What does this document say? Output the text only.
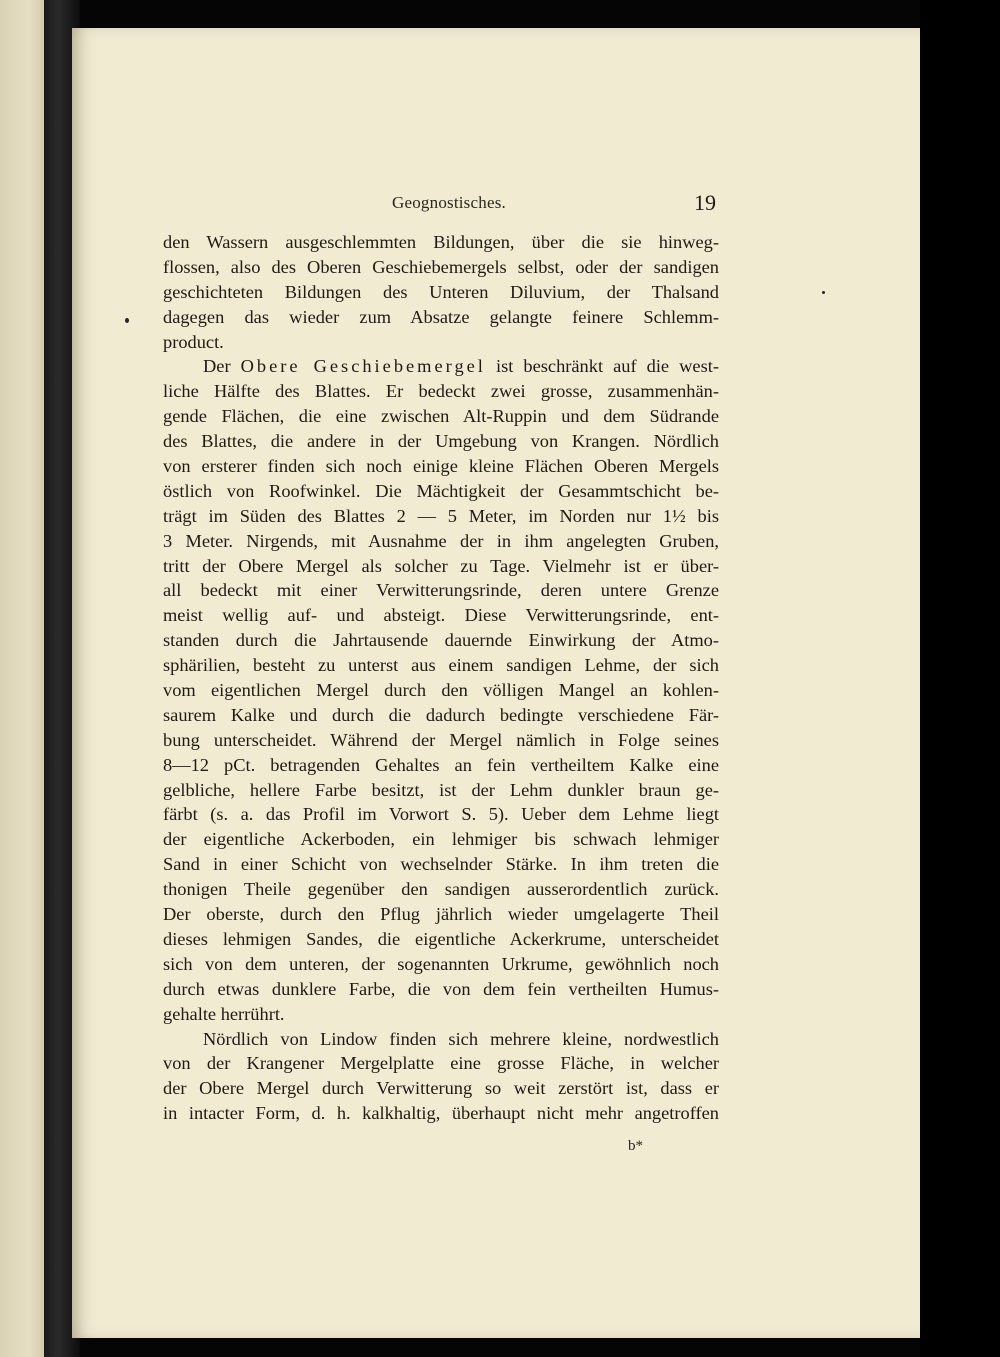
Geognostisches.	19
den Wassern ausgeschlemmten Bildungen, über die sie hinweg-
flossen, also des Oberen Geschiebemergels selbst, oder der sandigen
geschichteten Bildungen des Unteren Diluvium, der Thalsand
dagegen das wieder zum Absatze gelangte feinere Schlemm-
product.
Der Obere Geschiebemergel ist beschränkt auf die west-
liche Hälfte des Blattes. Er bedeckt zwei grosse, zusammenhän-
gende Flächen, die eine zwischen Alt-Ruppin und dem Südrande
des Blattes, die andere in der Umgebung von Krangen. Nördlich
von ersterer finden sich noch einige kleine Flächen Oberen Mergels
östlich von Roofwinkel. Die Mächtigkeit der Gesammtschicht be-
trägt im Süden des Blattes 2 — 5 Meter, im Norden nur 1½ bis
3 Meter. Nirgends, mit Ausnahme der in ihm angelegten Gruben,
tritt der Obere Mergel als solcher zu Tage. Vielmehr ist er über-
all bedeckt mit einer Verwitterungsrinde, deren untere Grenze
meist wellig auf- und absteigt. Diese Verwitterungsrinde, ent-
standen durch die Jahrtausende dauernde Einwirkung der Atmo-
sphärilien, besteht zu unterst aus einem sandigen Lehme, der sich
vom eigentlichen Mergel durch den völligen Mangel an kohlen-
saurem Kalke und durch die dadurch bedingte verschiedene Fär-
bung unterscheidet. Während der Mergel nämlich in Folge seines
8—12 pCt. betragenden Gehaltes an fein vertheiltem Kalke eine
gelbliche, hellere Farbe besitzt, ist der Lehm dunkler braun ge-
färbt (s. a. das Profil im Vorwort S. 5). Ueber dem Lehme liegt
der eigentliche Ackerboden, ein lehmiger bis schwach lehmiger
Sand in einer Schicht von wechselnder Stärke. In ihm treten die
thonigen Theile gegenüber den sandigen ausserordentlich zurück.
Der oberste, durch den Pflug jährlich wieder umgelagerte Theil
dieses lehmigen Sandes, die eigentliche Ackerkrume, unterscheidet
sich von dem unteren, der sogenannten Urkrume, gewöhnlich noch
durch etwas dunklere Farbe, die von dem fein vertheilten Humus-
gehalte herrührt.
Nördlich von Lindow finden sich mehrere kleine, nordwestlich
von der Krangener Mergelplatte eine grosse Fläche, in welcher
der Obere Mergel durch Verwitterung so weit zerstört ist, dass er
in intacter Form, d. h. kalkhaltig, überhaupt nicht mehr angetroffen
b*
